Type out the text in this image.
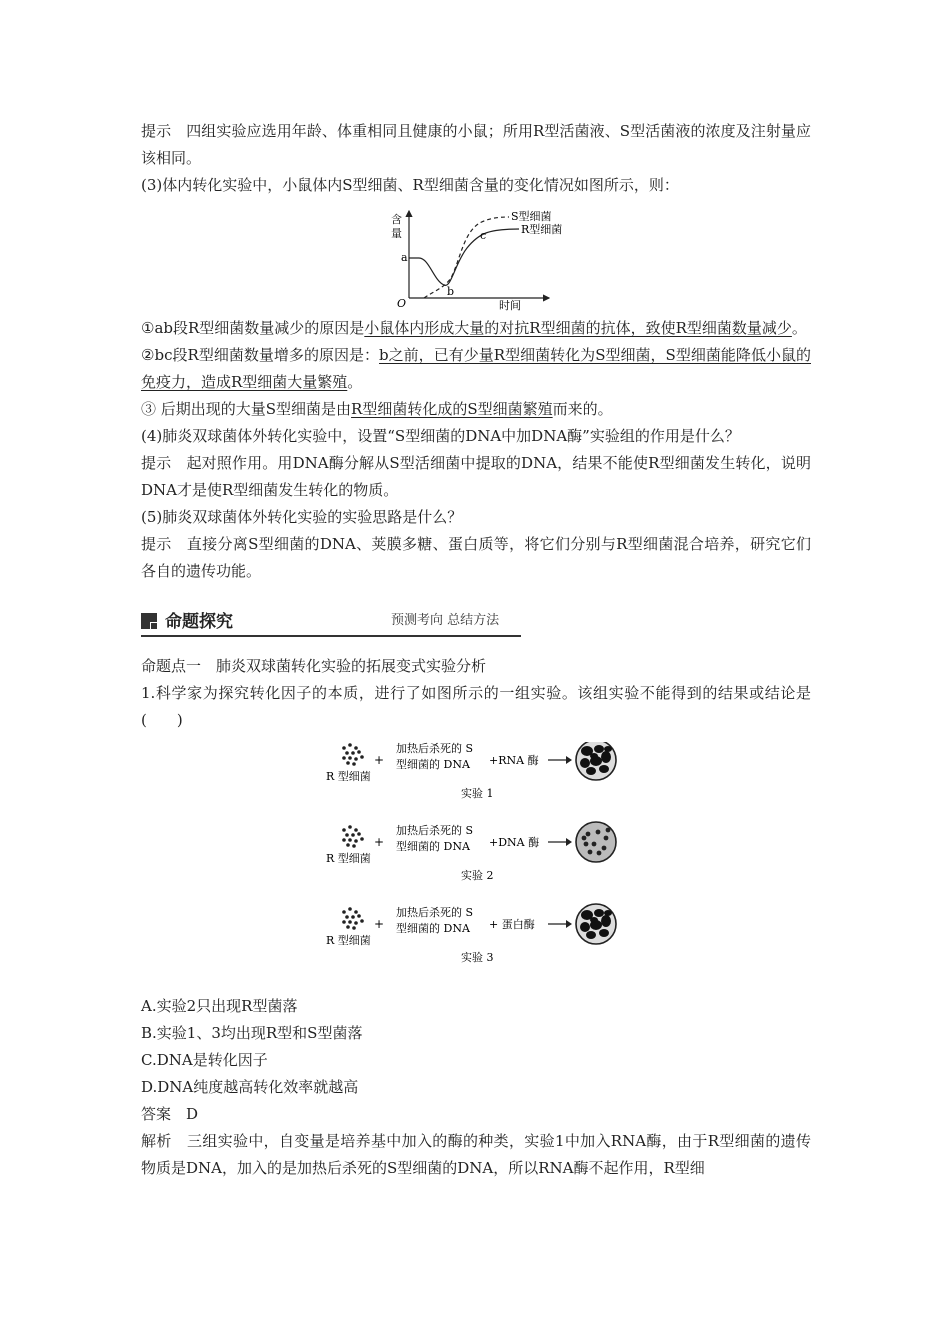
提示　四组实验应选用年龄、体重相同且健康的小鼠；所用R型活菌液、S型活菌液的浓度及注射量应该相同。

(3)体内转化实验中，小鼠体内S型细菌、R型细菌含量的变化情况如图所示，则：

含
量
O	时间
a
b
c
S型细菌
R型细菌

①ab段R型细菌数量减少的原因是小鼠体内形成大量的对抗R型细菌的抗体，致使R型细菌数量减少。

②bc段R型细菌数量增多的原因是：b之前，已有少量R型细菌转化为S型细菌，S型细菌能降低小鼠的免疫力，造成R型细菌大量繁殖。

③ 后期出现的大量S型细菌是由R型细菌转化成的S型细菌繁殖而来的。

(4)肺炎双球菌体外转化实验中，设置“S型细菌的DNA中加DNA酶”实验组的作用是什么？

提示　起对照作用。用DNA酶分解从S型活细菌中提取的DNA，结果不能使R型细菌发生转化，说明DNA才是使R型细菌发生转化的物质。

(5)肺炎双球菌体外转化实验的实验思路是什么？

提示　直接分离S型细菌的DNA、荚膜多糖、蛋白质等，将它们分别与R型细菌混合培养，研究它们各自的遗传功能。

命题探究	预测考向 总结方法

命题点一　肺炎双球菌转化实验的拓展变式实验分析

1.科学家为探究转化因子的本质，进行了如图所示的一组实验。该组实验不能得到的结果或结论是(　　)

R 型细菌
+
加热后杀死的 S
型细菌的 DNA +RNA 酶
实验 1
R 型细菌
+
加热后杀死的 S
型细菌的 DNA +DNA 酶
实验 2
R 型细菌
+
加热后杀死的 S
型细菌的 DNA + 蛋白酶
实验 3

A.实验2只出现R型菌落

B.实验1、3均出现R型和S型菌落

C.DNA是转化因子

D.DNA纯度越高转化效率就越高

答案　D

解析　三组实验中，自变量是培养基中加入的酶的种类，实验1中加入RNA酶，由于R型细菌的遗传物质是DNA，加入的是加热后杀死的S型细菌的DNA，所以RNA酶不起作用，R型细
